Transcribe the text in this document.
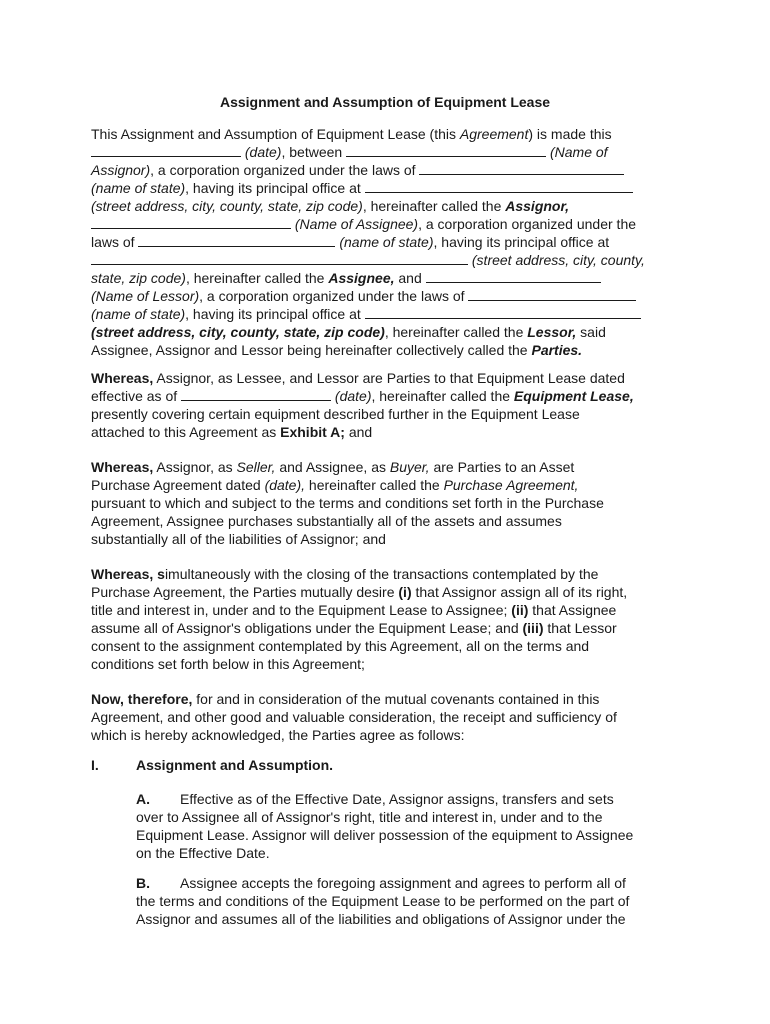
Assignment and Assumption of Equipment Lease
This Assignment and Assumption of Equipment Lease (this Agreement) is made this
(date), between	(Name of
Assignor), a corporation organized under the laws of
(name of state), having its principal office at
(street address, city, county, state, zip code), hereinafter called the Assignor,
(Name of Assignee), a corporation organized under the
laws of	(name of state), having its principal office at
(street address, city, county,
state, zip code), hereinafter called the Assignee, and
(Name of Lessor), a corporation organized under the laws of
(name of state), having its principal office at
(street address, city, county, state, zip code), hereinafter called the Lessor, said
Assignee, Assignor and Lessor being hereinafter collectively called the Parties.
Whereas, Assignor, as Lessee, and Lessor are Parties to that Equipment Lease dated
effective as of	(date), hereinafter called the Equipment Lease,
presently covering certain equipment described further in the Equipment Lease
attached to this Agreement as Exhibit A; and
Whereas, Assignor, as Seller, and Assignee, as Buyer, are Parties to an Asset
Purchase Agreement dated (date), hereinafter called the Purchase Agreement,
pursuant to which and subject to the terms and conditions set forth in the Purchase
Agreement, Assignee purchases substantially all of the assets and assumes
substantially all of the liabilities of Assignor; and
Whereas, simultaneously with the closing of the transactions contemplated by the
Purchase Agreement, the Parties mutually desire (i) that Assignor assign all of its right,
title and interest in, under and to the Equipment Lease to Assignee; (ii) that Assignee
assume all of Assignor's obligations under the Equipment Lease; and (iii) that Lessor
consent to the assignment contemplated by this Agreement, all on the terms and
conditions set forth below in this Agreement;
Now, therefore, for and in consideration of the mutual covenants contained in this
Agreement, and other good and valuable consideration, the receipt and sufficiency of
which is hereby acknowledged, the Parties agree as follows:
I.	Assignment and Assumption.
A. Effective as of the Effective Date, Assignor assigns, transfers and sets
over to Assignee all of Assignor's right, title and interest in, under and to the
Equipment Lease. Assignor will deliver possession of the equipment to Assignee
on the Effective Date.
B. Assignee accepts the foregoing assignment and agrees to perform all of
the terms and conditions of the Equipment Lease to be performed on the part of
Assignor and assumes all of the liabilities and obligations of Assignor under the
